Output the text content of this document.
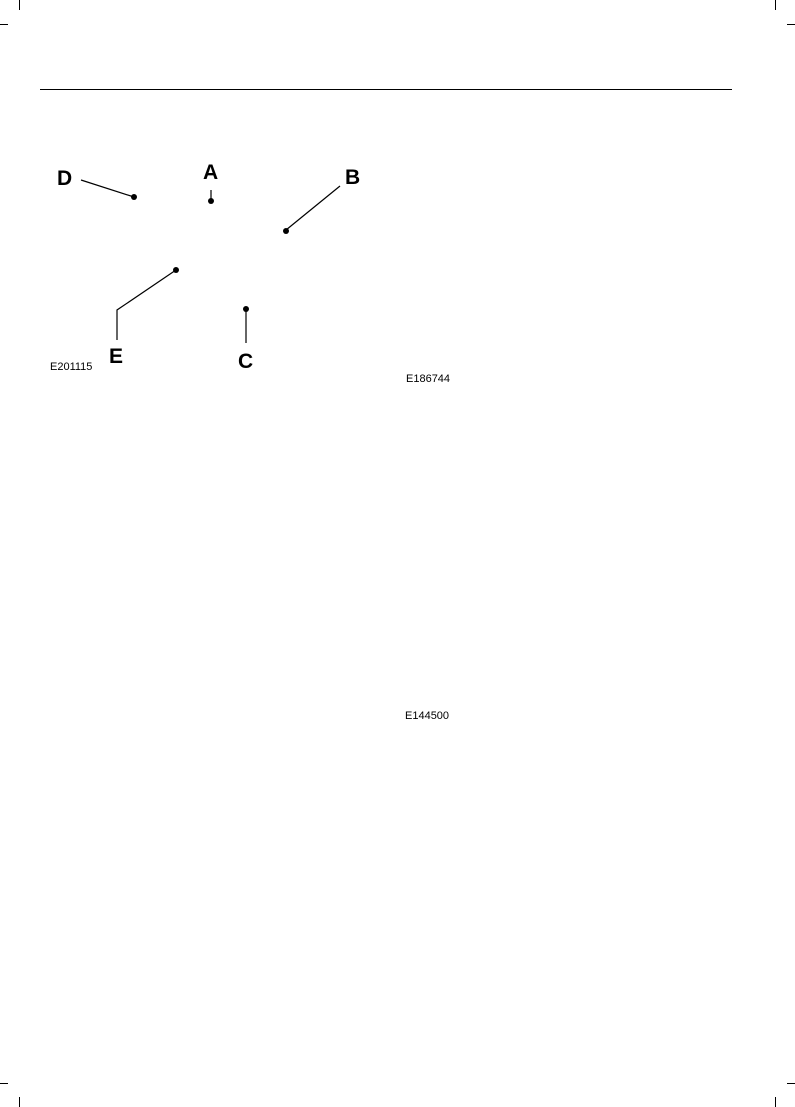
D	A	B
E	C
E201115
E186744
E144500
